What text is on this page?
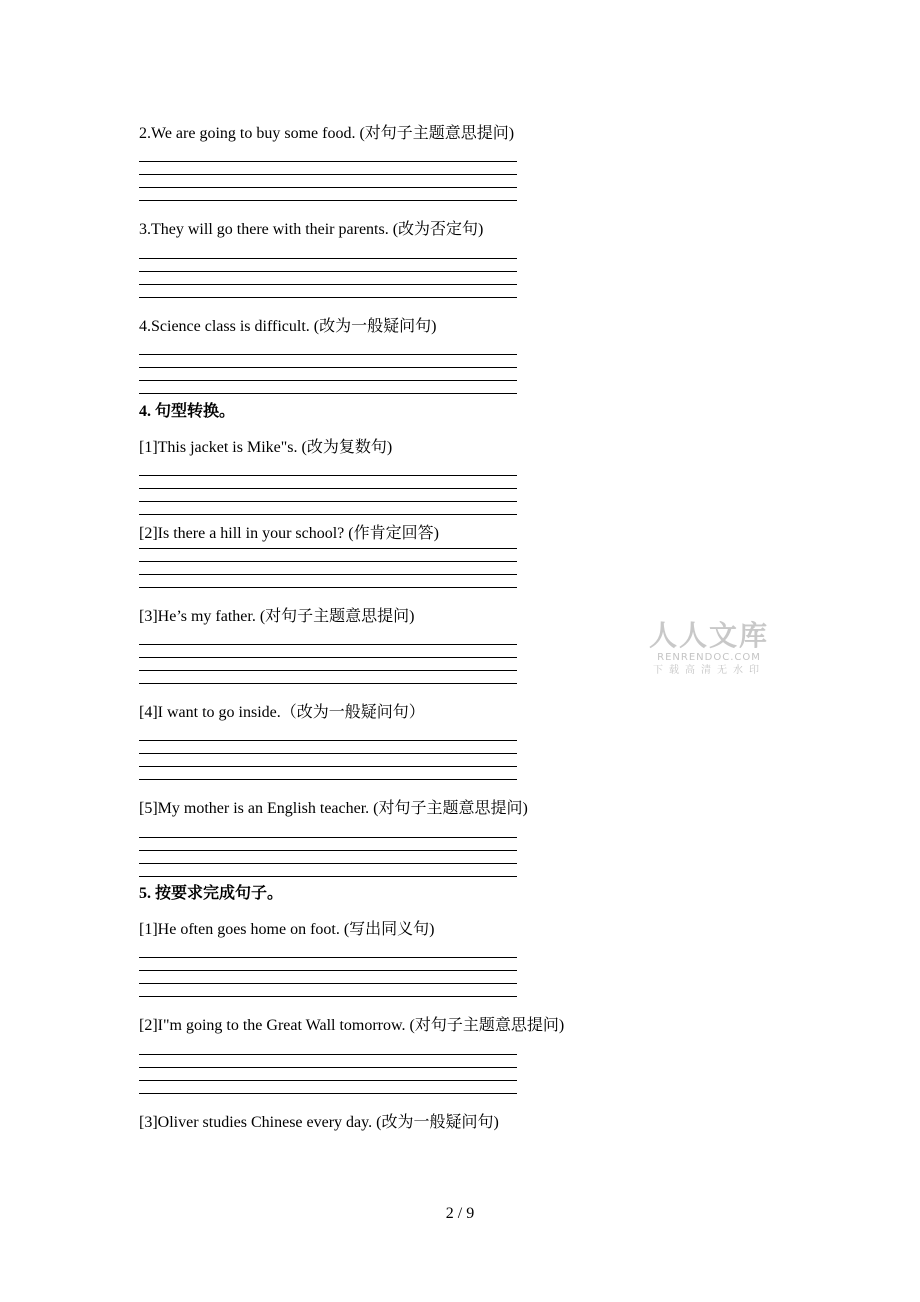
2.We are going to buy some food. (对句子主题意思提问)
3.They will go there with their parents. (改为否定句)
4.Science class is difficult. (改为一般疑问句)
4. 句型转换。
[1]This jacket is Mike"s. (改为复数句)
[2]Is there a hill in your school? (作肯定回答)
[3]He’s my father. (对句子主题意思提问)
[4]I want to go inside.（改为一般疑问句）
[5]My mother is an English teacher. (对句子主题意思提问)
5. 按要求完成句子。
[1]He often goes home on foot. (写出同义句)
[2]I"m going to the Great Wall tomorrow. (对句子主题意思提问)
[3]Oliver studies Chinese every day. (改为一般疑问句)
人人文库
RENRENDOC.COM
下载高清无水印
2 / 9
